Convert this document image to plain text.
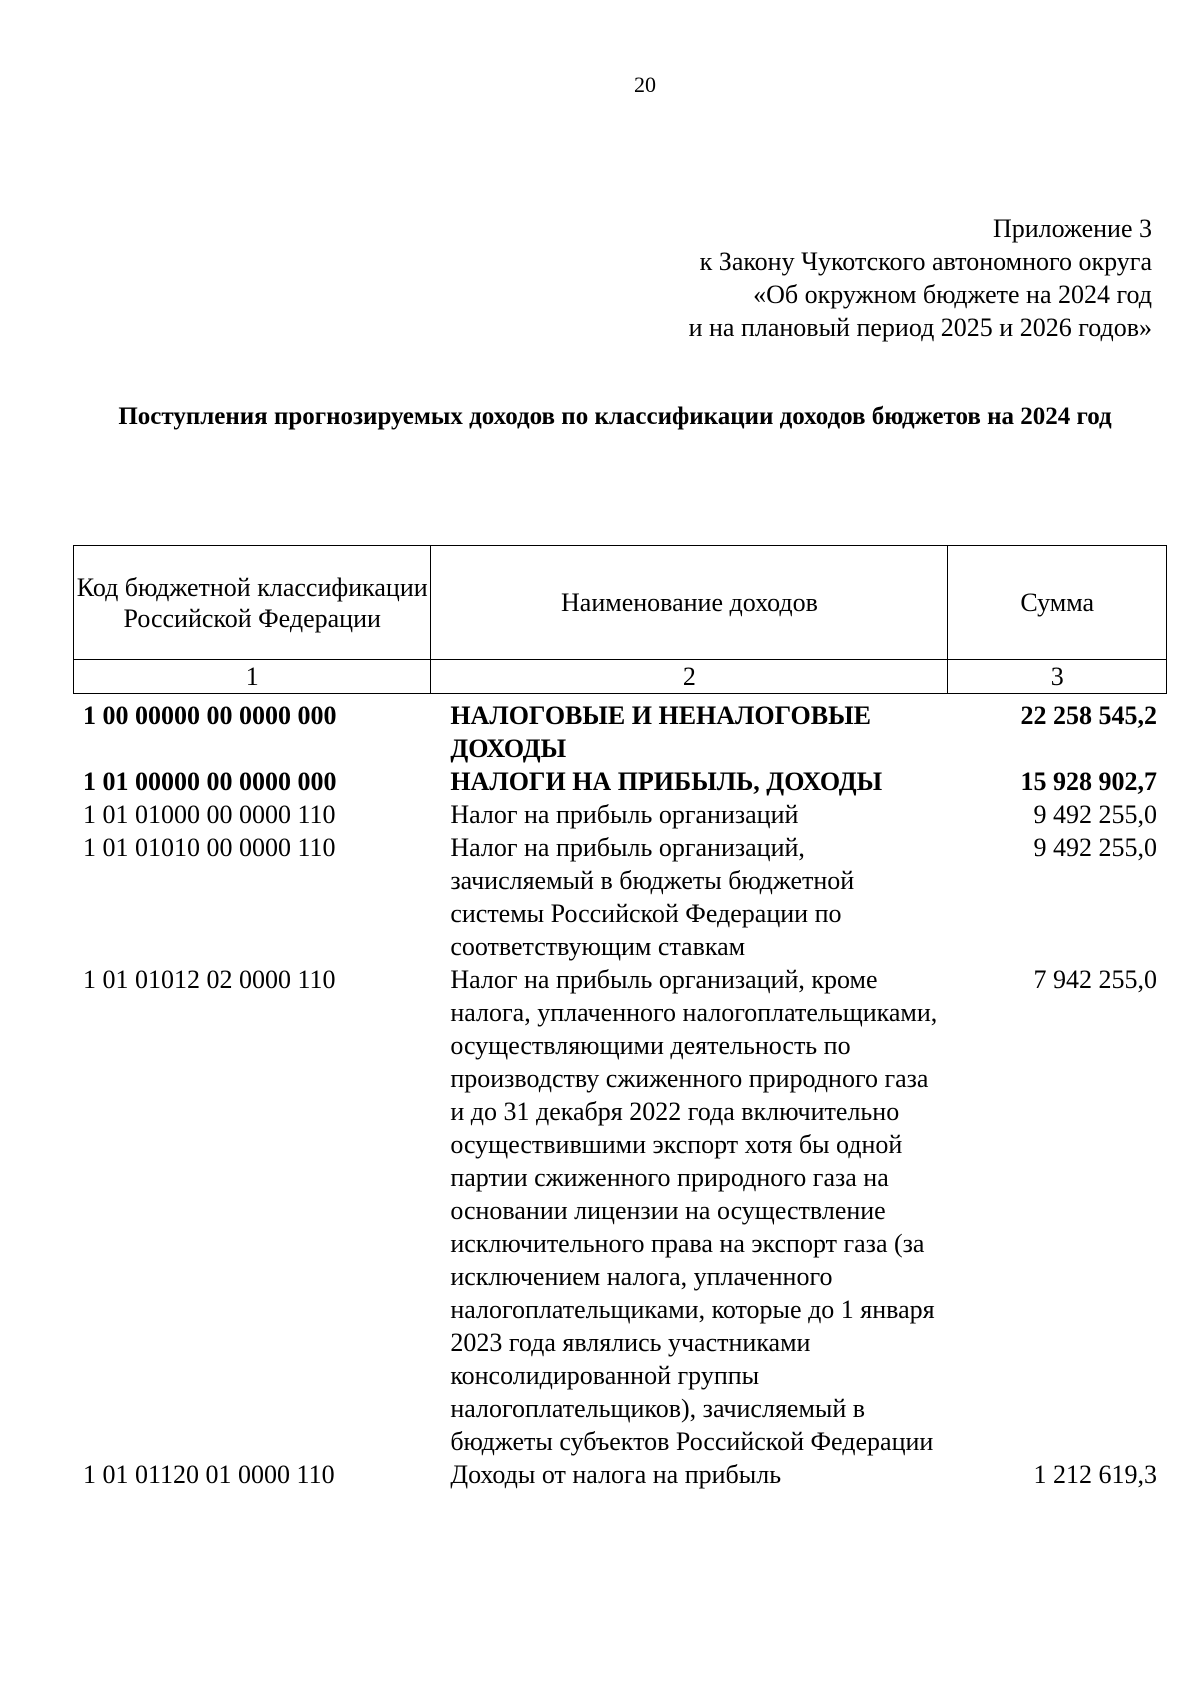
20
Приложение 3
к Закону Чукотского автономного округа
«Об окружном бюджете на 2024 год
и на плановый период 2025 и 2026 годов»
Поступления прогнозируемых доходов по классификации доходов бюджетов на 2024 год
Код бюджетной классификации Российской Федерации	Наименование доходов	Сумма
1	2	3
1 00 00000 00 0000 000	НАЛОГОВЫЕ И НЕНАЛОГОВЫЕ ДОХОДЫ	22 258 545,2
1 01 00000 00 0000 000	НАЛОГИ НА ПРИБЫЛЬ, ДОХОДЫ	15 928 902,7
1 01 01000 00 0000 110	Налог на прибыль организаций	9 492 255,0
1 01 01010 00 0000 110	Налог на прибыль организаций, зачисляемый в бюджеты бюджетной системы Российской Федерации по соответствующим ставкам	9 492 255,0
1 01 01012 02 0000 110	Налог на прибыль организаций, кроме налога, уплаченного налогоплательщиками, осуществляющими деятельность по производству сжиженного природного газа и до 31 декабря 2022 года включительно осуществившими экспорт хотя бы одной партии сжиженного природного газа на основании лицензии на осуществление исключительного права на экспорт газа (за исключением налога, уплаченного налогоплательщиками, которые до 1 января 2023 года являлись участниками консолидированной группы налогоплательщиков), зачисляемый в бюджеты субъектов Российской Федерации	7 942 255,0
1 01 01120 01 0000 110	Доходы от налога на прибыль	1 212 619,3
